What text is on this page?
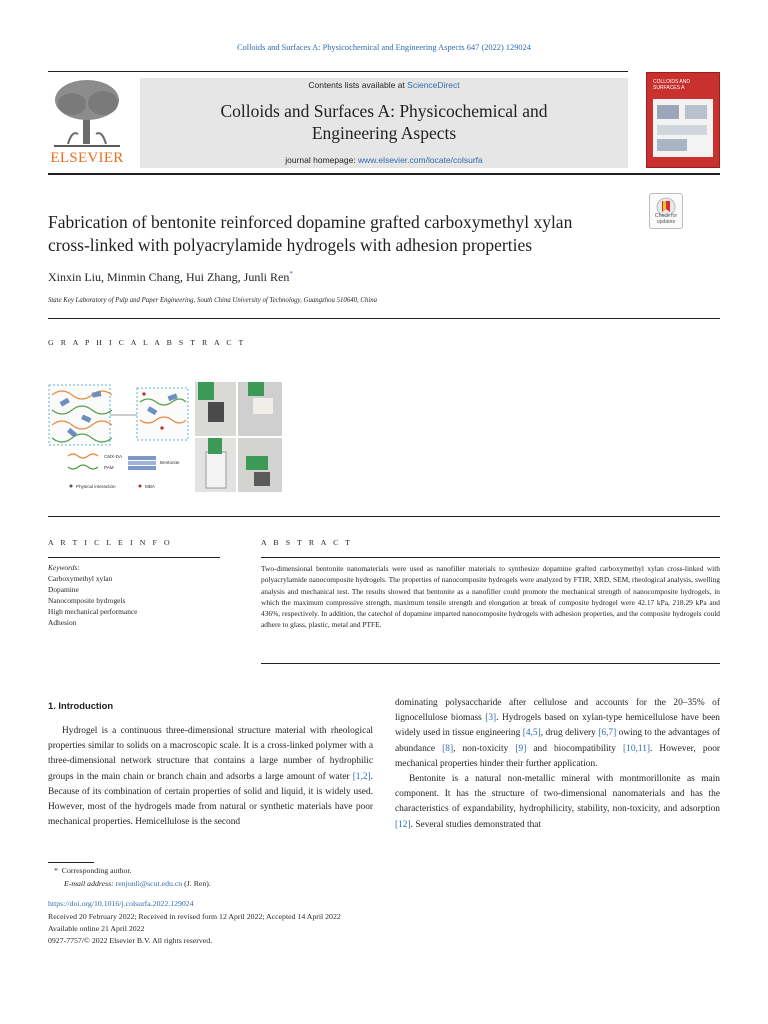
Colloids and Surfaces A: Physicochemical and Engineering Aspects 647 (2022) 129024
ELSEVIER
Contents lists available at ScienceDirect
Colloids and Surfaces A: Physicochemical and
Engineering Aspects
journal homepage: www.elsevier.com/locate/colsurfa
COLLOIDS AND SURFACES A
Fabrication of bentonite reinforced dopamine grafted carboxymethyl xylan
cross-linked with polyacrylamide hydrogels with adhesion properties
Check for updates
Xinxin Liu, Minmin Chang, Hui Zhang, Junli Ren*
State Key Laboratory of Pulp and Paper Engineering, South China University of Technology, Guangzhou 510640, China
G R A P H I C A L A B S T R A C T
CMX-DA
PAM
Bentonite
Physical interaction	MBA
A R T I C L E I N F O
Keywords:
Carboxymethyl xylan
Dopamine
Nanocomposite hydrogels
High mechanical performance
Adhesion
A B S T R A C T
Two-dimensional bentonite nanomaterials were used as nanofiller materials to synthesize dopamine grafted carboxymethyl xylan cross-linked with polyacrylamide nanocomposite hydrogels. The properties of nanocomposite hydrogels were analyzed by FTIR, XRD, SEM, rheological analysis, swelling analysis and mechanical test. The results showed that bentonite as a nanofiller could promote the mechanical strength of nanocomposite hydrogels, in which the maximum compressive strength, maximum tensile strength and elongation at break of composite hydrogel were 42.17 kPa, 218.29 kPa and 436%, respectively. In addition, the catechol of dopamine imparted nanocomposite hydrogels with adhesion properties, and the composite hydrogels could adhere to glass, plastic, metal and PTFE.
1. Introduction

Hydrogel is a continuous three-dimensional structure material with rheological properties similar to solids on a macroscopic scale. It is a cross-linked polymer with a three-dimensional network structure that contains a large number of hydrophilic groups in the main chain or branch chain and adsorbs a large amount of water [1,2]. Because of its combination of certain properties of solid and liquid, it is widely used. However, most of the hydrogels made from natural or synthetic materials have poor mechanical properties. Hemicellulose is the second

dominating polysaccharide after cellulose and accounts for the 20–35% of lignocellulose biomass [3]. Hydrogels based on xylan-type hemicellulose have been widely used in tissue engineering [4,5], drug delivery [6,7] owing to the advantages of abundance [8], non-toxicity [9] and biocompatibility [10,11]. However, poor mechanical properties hinder their further application.

Bentonite is a natural non-metallic mineral with montmorillonite as main component. It has the structure of two-dimensional nanomaterials and has the characteristics of expandability, hydrophilicity, stability, non-toxicity, and adsorption [12]. Several studies demonstrated that

*  Corresponding author.
E-mail address: renjunli@scut.edu.cn (J. Ren).
https://doi.org/10.1016/j.colsurfa.2022.129024
Received 20 February 2022; Received in revised form 12 April 2022; Accepted 14 April 2022
Available online 21 April 2022
0927-7757/© 2022 Elsevier B.V. All rights reserved.
